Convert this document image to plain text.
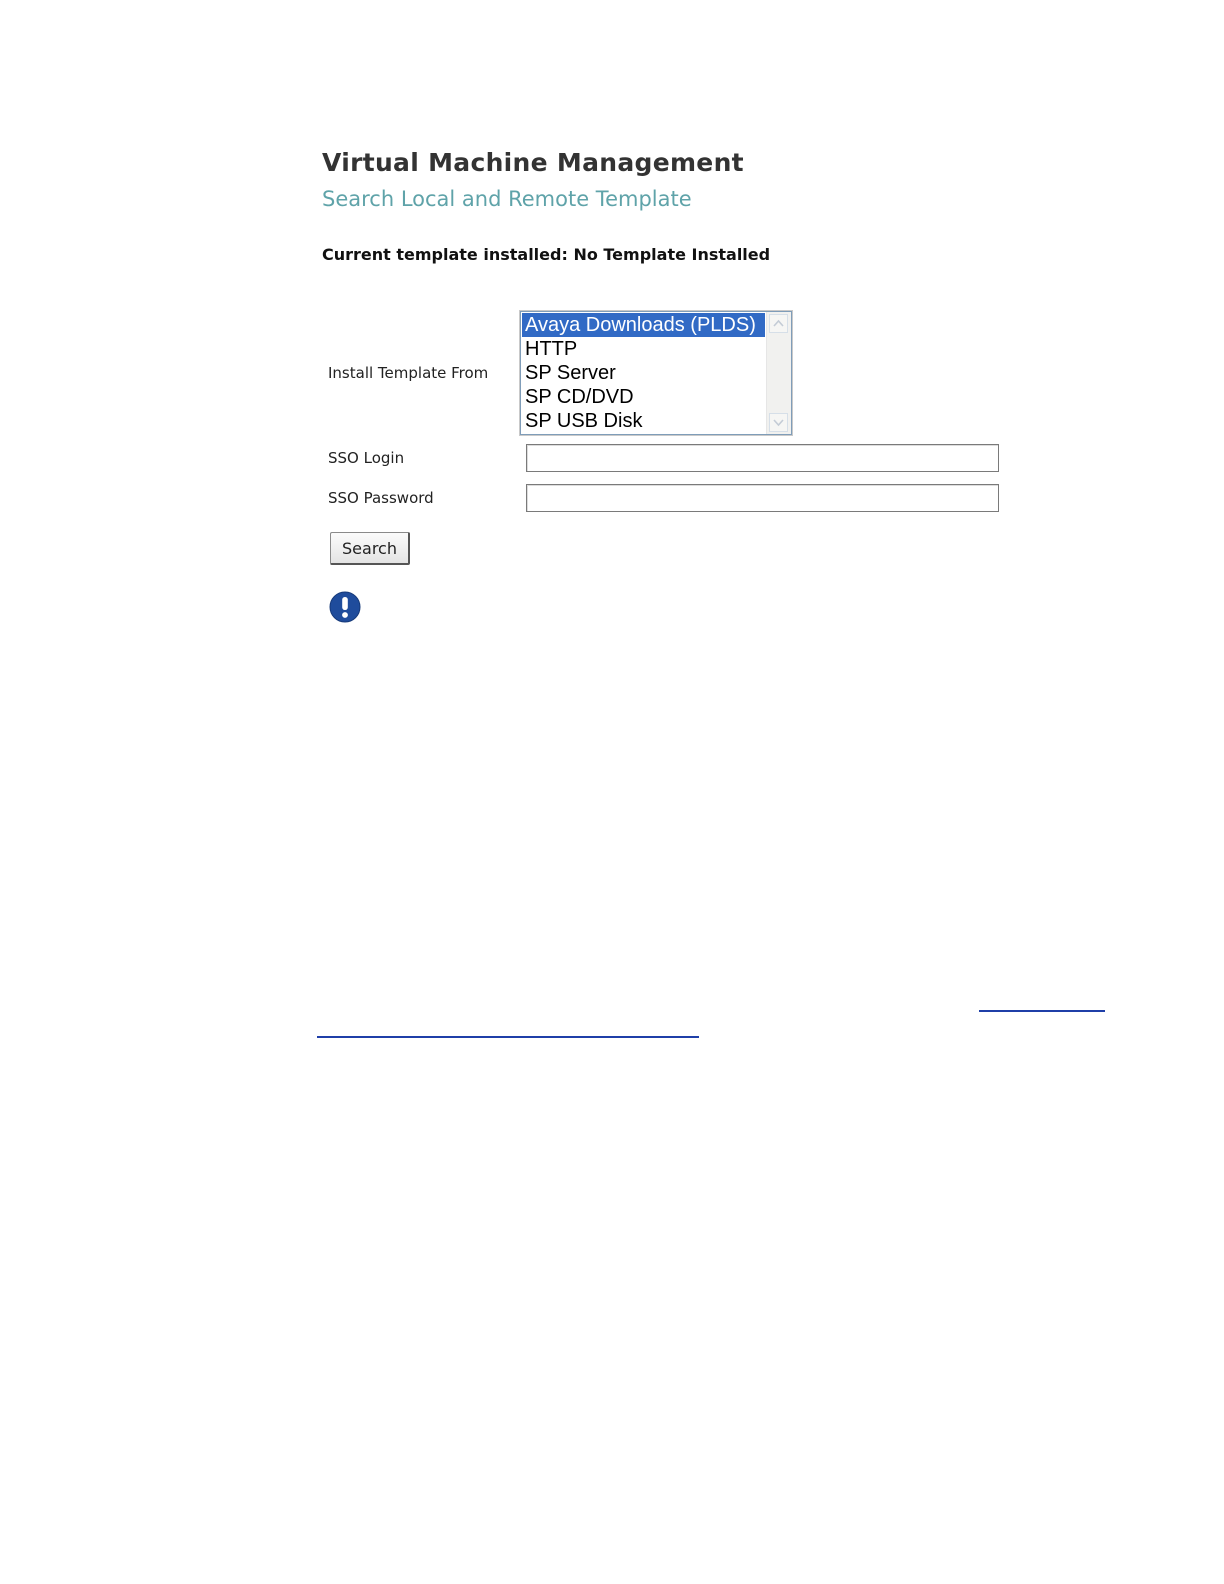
Virtual Machine Management
Search Local and Remote Template
Current template installed: No Template Installed
Install Template From
Avaya Downloads (PLDS)
HTTP
SP Server
SP CD/DVD
SP USB Disk
SSO Login
SSO Password
Search
